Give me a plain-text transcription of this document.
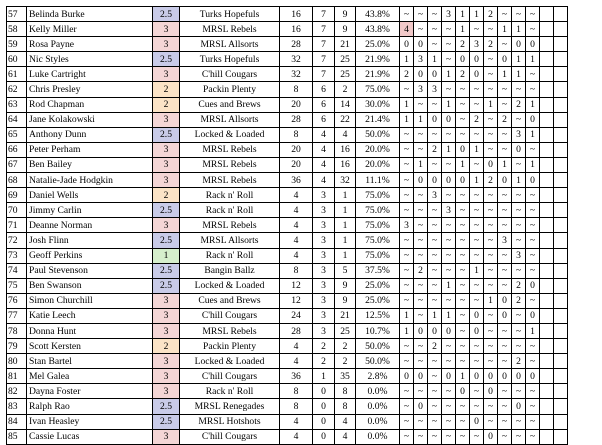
57	Belinda Burke	2.5	Turks Hopefuls	16	7	9	43.8%	~	~	~	3	1	1	2	~	~	~		
58	Kelly Miller	3	MRSL Rebels	16	7	9	43.8%	4	~	~	~	1	~	~	1	1	~		
59	Rosa Payne	3	MRSL Allsorts	28	7	21	25.0%	0	0	~	~	2	3	2	~	0	0		
60	Nic Styles	2.5	Turks Hopefuls	32	7	25	21.9%	1	3	1	~	0	0	~	0	1	1		
61	Luke Cartright	3	C'hill Cougars	32	7	25	21.9%	2	0	0	1	2	0	~	1	1	~		
62	Chris Presley	2	Packin Plenty	8	6	2	75.0%	~	3	3	~	~	~	~	~	~	~		
63	Rod Chapman	2	Cues and Brews	20	6	14	30.0%	1	~	~	1	~	~	1	~	2	1		
64	Jane Kolakowski	3	MRSL Allsorts	28	6	22	21.4%	1	1	0	0	~	2	~	2	~	0		
65	Anthony Dunn	2.5	Locked & Loaded	8	4	4	50.0%	~	~	~	~	~	~	~	~	3	1		
66	Peter Perham	3	MRSL Rebels	20	4	16	20.0%	~	~	2	1	0	1	~	~	0	~		
67	Ben Bailey	3	MRSL Rebels	20	4	16	20.0%	~	1	~	~	1	~	0	1	~	1		
68	Natalie-Jade Hodgkin	3	MRSL Rebels	36	4	32	11.1%	~	0	0	0	0	1	2	0	1	0		
69	Daniel Wells	2	Rack n' Roll	4	3	1	75.0%	~	~	3	~	~	~	~	~	~	~		
70	Jimmy Carlin	2.5	Rack n' Roll	4	3	1	75.0%	~	~	~	3	~	~	~	~	~	~		
71	Deanne Norman	3	MRSL Rebels	4	3	1	75.0%	3	~	~	~	~	~	~	~	~	~		
72	Josh Flinn	2.5	MRSL Allsorts	4	3	1	75.0%	~	~	~	~	~	~	~	3	~	~		
73	Geoff Perkins	1	Rack n' Roll	4	3	1	75.0%	~	~	~	~	~	~	~	~	3	~		
74	Paul Stevenson	2.5	Bangin Ballz	8	3	5	37.5%	~	2	~	~	~	1	~	~	~	~		
75	Ben Swanson	2.5	Locked & Loaded	12	3	9	25.0%	~	~	~	1	~	~	~	~	2	0		
76	Simon Churchill	3	Cues and Brews	12	3	9	25.0%	~	~	~	~	~	~	1	0	2	~		
77	Katie Leech	3	C'hill Cougars	24	3	21	12.5%	1	~	1	1	~	0	~	0	~	0		
78	Donna Hunt	3	MRSL Rebels	28	3	25	10.7%	1	0	0	0	~	0	~	~	~	1		
79	Scott Kersten	2	Packin Plenty	4	2	2	50.0%	~	~	2	~	~	~	~	~	~	~		
80	Stan Bartel	3	Locked & Loaded	4	2	2	50.0%	~	~	~	~	~	~	~	~	2	~		
81	Mel Galea	3	C'hill Cougars	36	1	35	2.8%	0	0	~	0	1	0	0	0	0	0		
82	Dayna Foster	3	Rack n' Roll	8	0	8	0.0%	~	~	~	~	0	~	0	~	~	~		
83	Ralph Rao	2.5	MRSL Renegades	8	0	8	0.0%	~	0	~	~	~	~	~	~	0	~		
84	Ivan Heasley	2.5	MRSL Hotshots	4	0	4	0.0%	~	~	~	~	~	0	~	~	~	~		
85	Cassie Lucas	3	C'hill Cougars	4	0	4	0.0%	~	~	~	~	~	~	0	~	~	~		
